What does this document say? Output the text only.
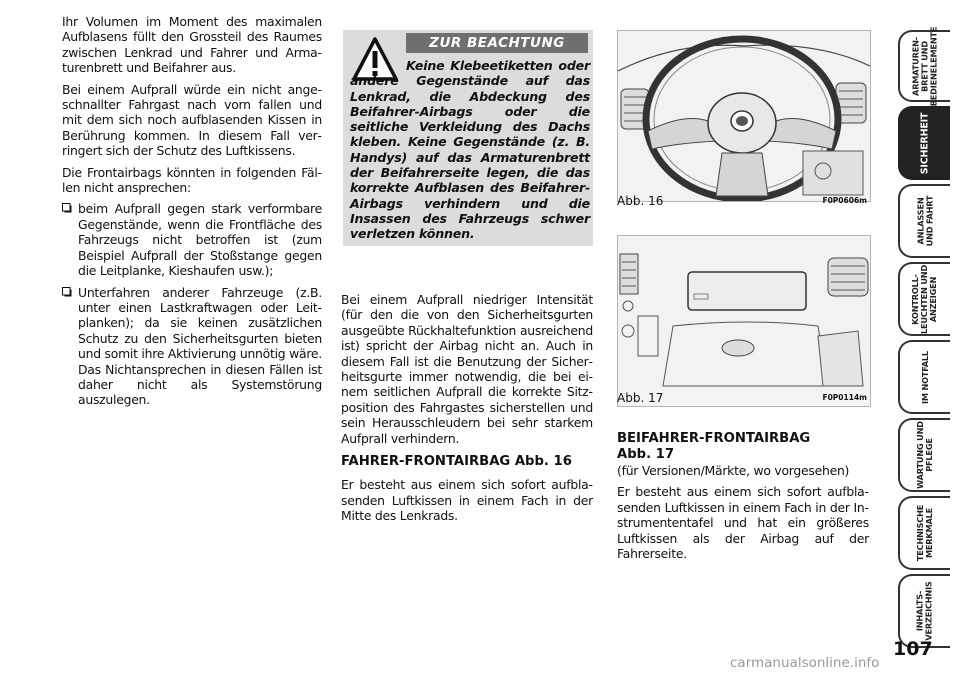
Ihr Volumen im Moment des maximalen Aufblasens füllt den Grossteil des Raumes zwischen Lenkrad und Fahrer und Armaturenbrett und Beifahrer aus.

Bei einem Aufprall würde ein nicht angeschnallter Fahrgast nach vorn fallen und mit dem sich noch aufblasenden Kissen in Berührung kommen. In diesem Fall verringert sich der Schutz des Luftkissens.

Die Frontairbags könnten in folgenden Fällen nicht ansprechen:

beim Aufprall gegen stark verformbare Gegenstände, wenn die Frontfläche des Fahrzeugs nicht betroffen ist (zum Beispiel Aufprall der Stoßstange gegen die Leitplanke, Kieshaufen usw.);
Unterfahren anderer Fahrzeuge (z.B. unter einen Lastkraftwagen oder Leitplanken); da sie keinen zusätzlichen Schutz zu den Sicherheitsgurten bieten und somit ihre Aktivierung unnötig wäre. Das Nichtansprechen in diesen Fällen ist daher nicht als Systemstörung auszulegen.
ZUR BEACHTUNG
Keine Klebeetiketten oder andere Gegenstände auf das Lenkrad, die Abdeckung des Beifahrer-Airbags oder die seitliche Verkleidung des Dachs kleben. Keine Gegenstände (z. B. Handys) auf das Armaturenbrett der Beifahrerseite legen, die das korrekte Aufblasen des Beifahrer-Airbags verhindern und die Insassen des Fahrzeugs schwer verletzen können.

Bei einem Aufprall niedriger Intensität (für den die von den Sicherheitsgurten ausgeübte Rückhaltefunktion ausreichend ist) spricht der Airbag nicht an. Auch in diesem Fall ist die Benutzung der Sicherheitsgurte immer notwendig, die bei einem seitlichen Aufprall die korrekte Sitzposition des Fahrgastes sicherstellen und sein Herausschleudern bei sehr starkem Aufprall verhindern.

FAHRER-FRONTAIRBAG Abb. 16

Er besteht aus einem sich sofort aufblasenden Luftkissen in einem Fach in der Mitte des Lenkrads.

Abb. 16	F0P0606m
Abb. 17	F0P0114m

BEIFAHRER-FRONTAIRBAG

Abb. 17

(für Versionen/Märkte, wo vorgesehen)

Er besteht aus einem sich sofort aufblasenden Luftkissen in einem Fach in der Instrumententafel und hat ein größeres Luftkissen als der Airbag auf der Fahrerseite.

ARMATUREN-
BRETT UND
BEDIENELEMENTE
SICHERHEIT
ANLASSEN
UND FAHRT
KONTROLL-
LEUCHTEN UND
ANZEIGEN
IM NOTFALL
WARTUNG UND
PFLEGE
TECHNISCHE
MERKMALE
INHALTS-
VERZEICHNIS
107
carmanualsonline.info
